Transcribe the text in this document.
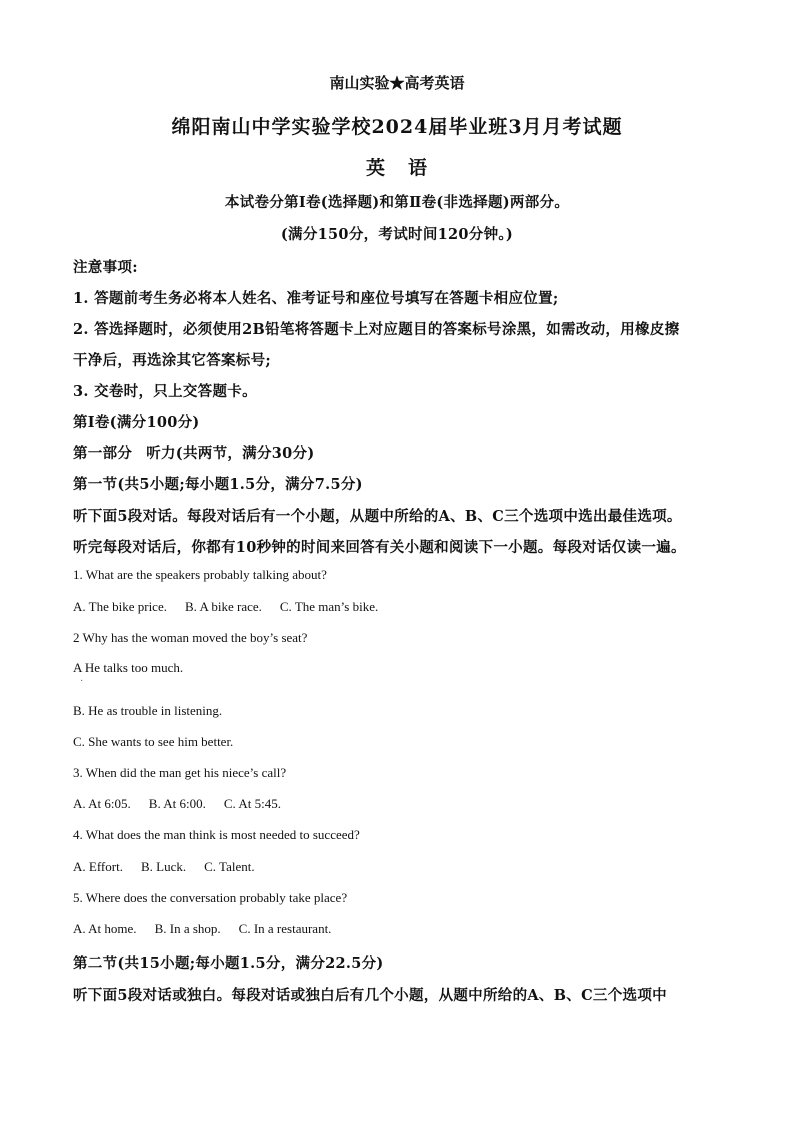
南山实验★高考英语
绵阳南山中学实验学校2024届毕业班3月月考试题
英 语
本试卷分第Ⅰ卷(选择题)和第Ⅱ卷(非选择题)两部分。
(满分150分，考试时间120分钟。)
注意事项:
1. 答题前考生务必将本人姓名、准考证号和座位号填写在答题卡相应位置;
2. 答选择题时，必须使用2B铅笔将答题卡上对应题目的答案标号涂黑，如需改动，用橡皮擦
干净后，再选涂其它答案标号;
3. 交卷时，只上交答题卡。
第Ⅰ卷(满分100分)
第一部分 听力(共两节，满分30分)
第一节(共5小题;每小题1.5分，满分7.5分)
听下面5段对话。每段对话后有一个小题，从题中所给的A、B、C三个选项中选出最佳选项。
听完每段对话后，你都有10秒钟的时间来回答有关小题和阅读下一小题。每段对话仅读一遍。
1. What are the speakers probably talking about?
A. The bike price. B. A bike race. C. The man’s bike.
2 Why has the woman moved the boy’s seat?
A He talks too much.
·
B. He as trouble in listening.
C. She wants to see him better.
3. When did the man get his niece’s call?
A. At 6:05. B. At 6:00. C. At 5:45.
4. What does the man think is most needed to succeed?
A. Effort. B. Luck. C. Talent.
5. Where does the conversation probably take place?
A. At home. B. In a shop. C. In a restaurant.
第二节(共15小题;每小题1.5分，满分22.5分)
听下面5段对话或独白。每段对话或独白后有几个小题，从题中所给的A、B、C三个选项中
